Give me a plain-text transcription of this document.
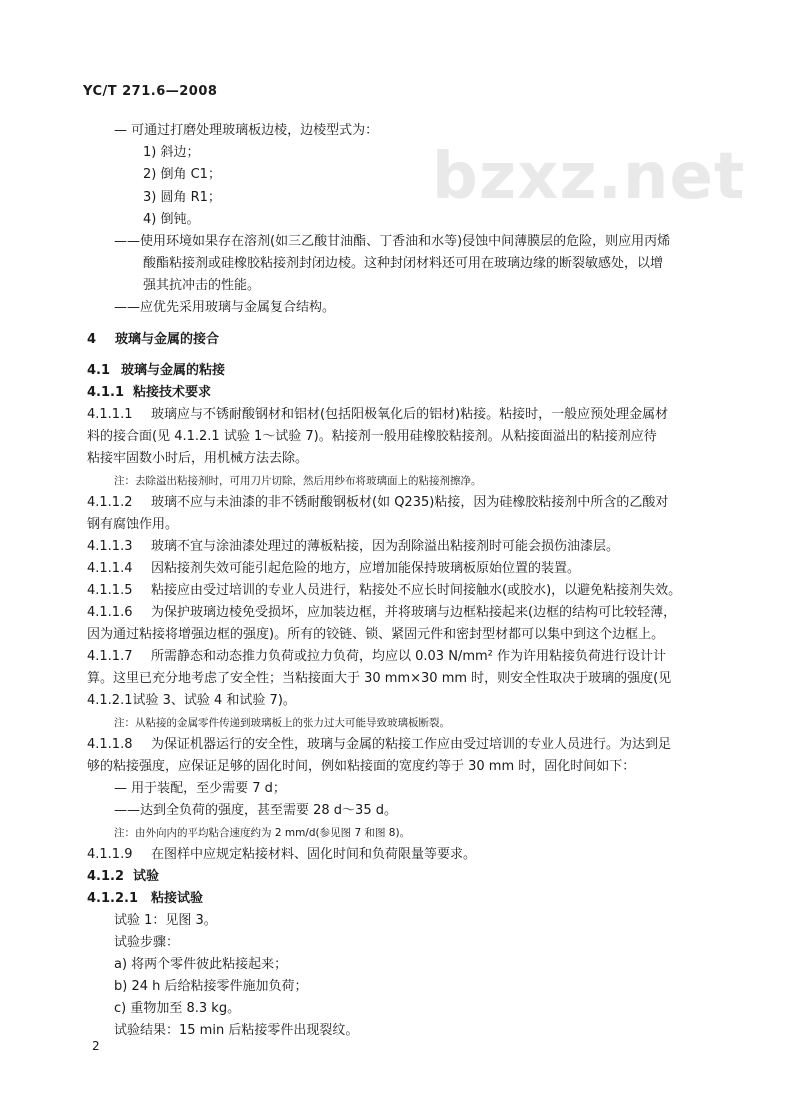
bzxz.net
YC/T 271.6—2008
— 可通过打磨处理玻璃板边棱，边棱型式为：
1) 斜边；
2) 倒角 C1；
3) 圆角 R1；
4) 倒钝。
——使用环境如果存在溶剂(如三乙酸甘油酯、丁香油和水等)侵蚀中间薄膜层的危险，则应用丙烯
酸酯粘接剂或硅橡胶粘接剂封闭边棱。这种封闭材料还可用在玻璃边缘的断裂敏感处，以增
强其抗冲击的性能。
——应优先采用玻璃与金属复合结构。
4 玻璃与金属的接合
4.1 玻璃与金属的粘接
4.1.1 粘接技术要求
4.1.1.1 玻璃应与不锈耐酸钢材和铝材(包括阳极氧化后的铝材)粘接。粘接时，一般应预处理金属材
料的接合面(见 4.1.2.1 试验 1～试验 7)。粘接剂一般用硅橡胶粘接剂。从粘接面溢出的粘接剂应待
粘接牢固数小时后，用机械方法去除。
注：去除溢出粘接剂时，可用刀片切除，然后用纱布将玻璃面上的粘接剂擦净。
4.1.1.2 玻璃不应与未油漆的非不锈耐酸钢板材(如 Q235)粘接，因为硅橡胶粘接剂中所含的乙酸对
钢有腐蚀作用。
4.1.1.3 玻璃不宜与涂油漆处理过的薄板粘接，因为刮除溢出粘接剂时可能会损伤油漆层。
4.1.1.4 因粘接剂失效可能引起危险的地方，应增加能保持玻璃板原始位置的装置。
4.1.1.5 粘接应由受过培训的专业人员进行，粘接处不应长时间接触水(或胶水)，以避免粘接剂失效。
4.1.1.6 为保护玻璃边棱免受损坏，应加装边框，并将玻璃与边框粘接起来(边框的结构可比较轻薄，
因为通过粘接将增强边框的强度)。所有的铰链、锁、紧固元件和密封型材都可以集中到这个边框上。
4.1.1.7 所需静态和动态推力负荷或拉力负荷，均应以 0.03 N/mm² 作为许用粘接负荷进行设计计
算。这里已充分地考虑了安全性；当粘接面大于 30 mm×30 mm 时，则安全性取决于玻璃的强度(见
4.1.2.1试验 3、试验 4 和试验 7)。
注：从粘接的金属零件传递到玻璃板上的张力过大可能导致玻璃板断裂。
4.1.1.8 为保证机器运行的安全性，玻璃与金属的粘接工作应由受过培训的专业人员进行。为达到足
够的粘接强度，应保证足够的固化时间，例如粘接面的宽度约等于 30 mm 时，固化时间如下：
— 用于装配，至少需要 7 d；
——达到全负荷的强度，甚至需要 28 d～35 d。
注：由外向内的平均粘合速度约为 2 mm/d(参见图 7 和图 8)。
4.1.1.9 在图样中应规定粘接材料、固化时间和负荷限量等要求。
4.1.2 试验
4.1.2.1 粘接试验
试验 1：见图 3。
试验步骤：
a) 将两个零件彼此粘接起来；
b) 24 h 后给粘接零件施加负荷；
c) 重物加至 8.3 kg。
试验结果：15 min 后粘接零件出现裂纹。
2
